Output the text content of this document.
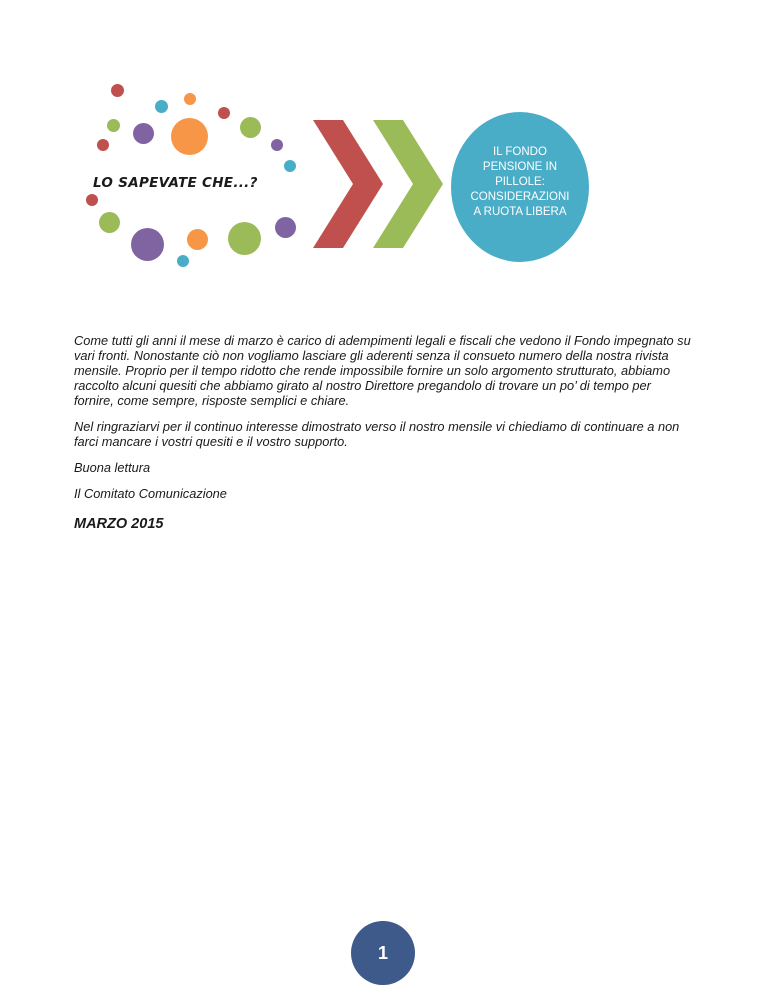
LO SAPEVATE CHE...?
IL FONDO
PENSIONE IN
PILLOLE:
CONSIDERAZIONI
A RUOTA LIBERA

Come tutti gli anni il mese di marzo è carico di adempimenti legali e fiscali che vedono il Fondo impegnato su vari fronti. Nonostante ciò non vogliamo lasciare gli aderenti senza il consueto numero della nostra rivista mensile. Proprio per il tempo ridotto che rende impossibile fornire un solo argomento strutturato, abbiamo raccolto alcuni quesiti che abbiamo girato al nostro Direttore pregandolo di trovare un po’ di tempo per fornire, come sempre, risposte semplici e chiare.

Nel ringraziarvi per il continuo interesse dimostrato verso il nostro mensile vi chiediamo di continuare a non farci mancare i vostri quesiti e il vostro supporto.

Buona lettura

Il Comitato Comunicazione

MARZO 2015

1
